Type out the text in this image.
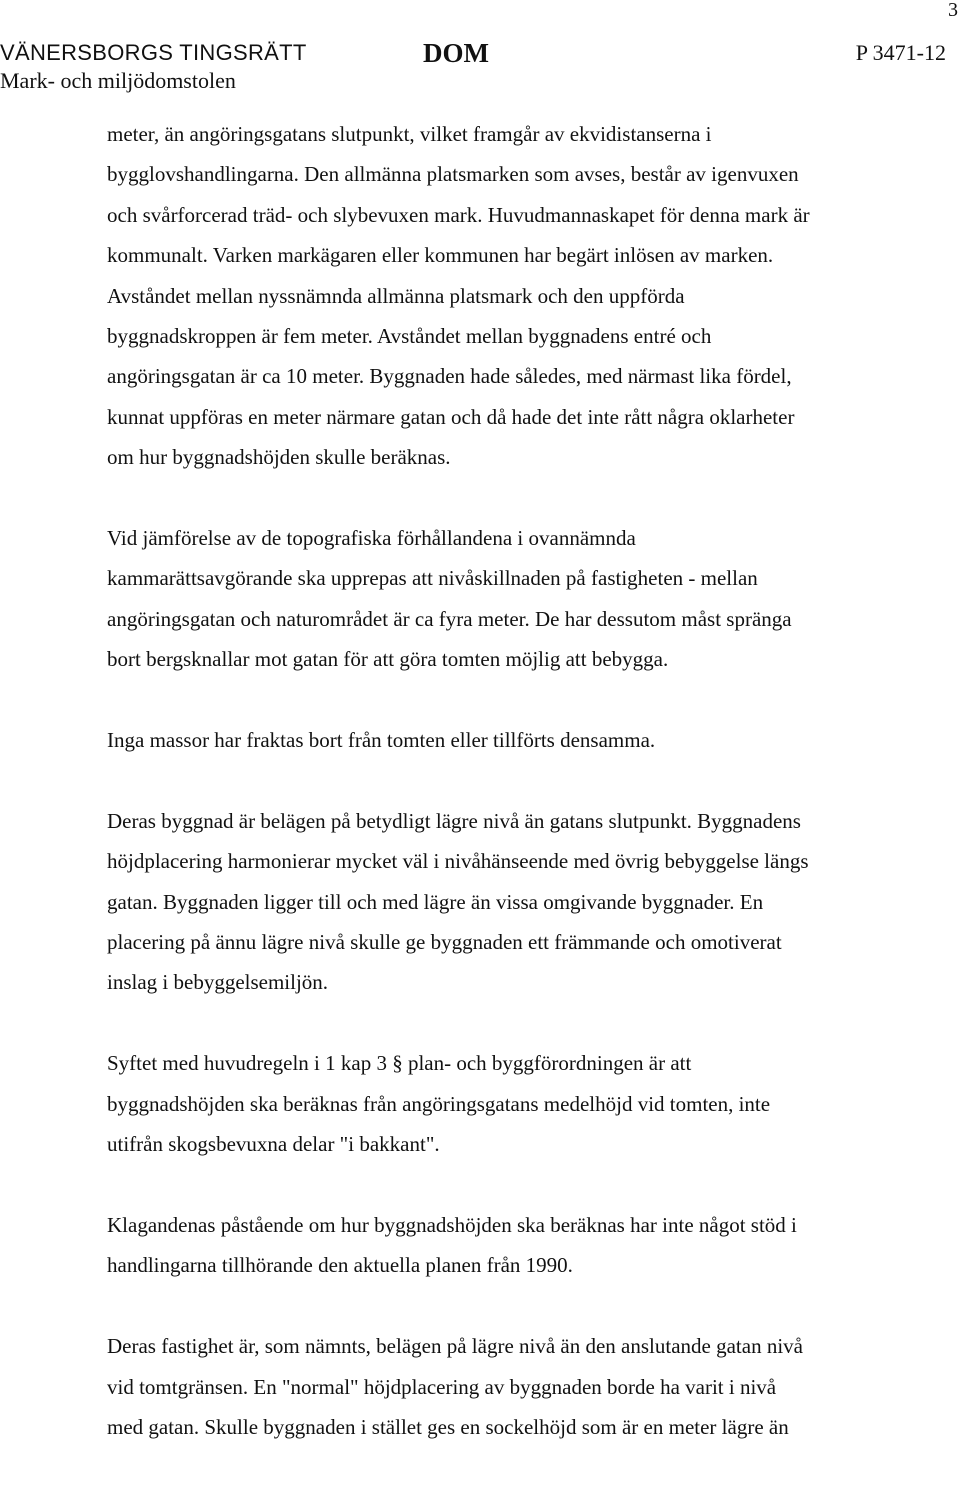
3
VÄNERSBORGS TINGSRÄTT
Mark- och miljödomstolen
DOM	P 3471-12

meter, än angöringsgatans slutpunkt, vilket framgår av ekvidistanserna i
bygglovshandlingarna. Den allmänna platsmarken som avses, består av igenvuxen
och svårforcerad träd- och slybevuxen mark. Huvudmannaskapet för denna mark är
kommunalt. Varken markägaren eller kommunen har begärt inlösen av marken.
Avståndet mellan nyssnämnda allmänna platsmark och den uppförda
byggnadskroppen är fem meter. Avståndet mellan byggnadens entré och
angöringsgatan är ca 10 meter. Byggnaden hade således, med närmast lika fördel,
kunnat uppföras en meter närmare gatan och då hade det inte rått några oklarheter
om hur byggnadshöjden skulle beräknas.

Vid jämförelse av de topografiska förhållandena i ovannämnda
kammarättsavgörande ska upprepas att nivåskillnaden på fastigheten - mellan
angöringsgatan och naturområdet är ca fyra meter. De har dessutom måst spränga
bort bergsknallar mot gatan för att göra tomten möjlig att bebygga.

Inga massor har fraktas bort från tomten eller tillförts densamma.

Deras byggnad är belägen på betydligt lägre nivå än gatans slutpunkt. Byggnadens
höjdplacering harmonierar mycket väl i nivåhänseende med övrig bebyggelse längs
gatan. Byggnaden ligger till och med lägre än vissa omgivande byggnader. En
placering på ännu lägre nivå skulle ge byggnaden ett främmande och omotiverat
inslag i bebyggelsemiljön.

Syftet med huvudregeln i 1 kap 3 § plan- och byggförordningen är att
byggnadshöjden ska beräknas från angöringsgatans medelhöjd vid tomten, inte
utifrån skogsbevuxna delar "i bakkant".

Klagandenas påstående om hur byggnadshöjden ska beräknas har inte något stöd i
handlingarna tillhörande den aktuella planen från 1990.

Deras fastighet är, som nämnts, belägen på lägre nivå än den anslutande gatan nivå
vid tomtgränsen. En "normal" höjdplacering av byggnaden borde ha varit i nivå
med gatan. Skulle byggnaden i stället ges en sockelhöjd som är en meter lägre än
